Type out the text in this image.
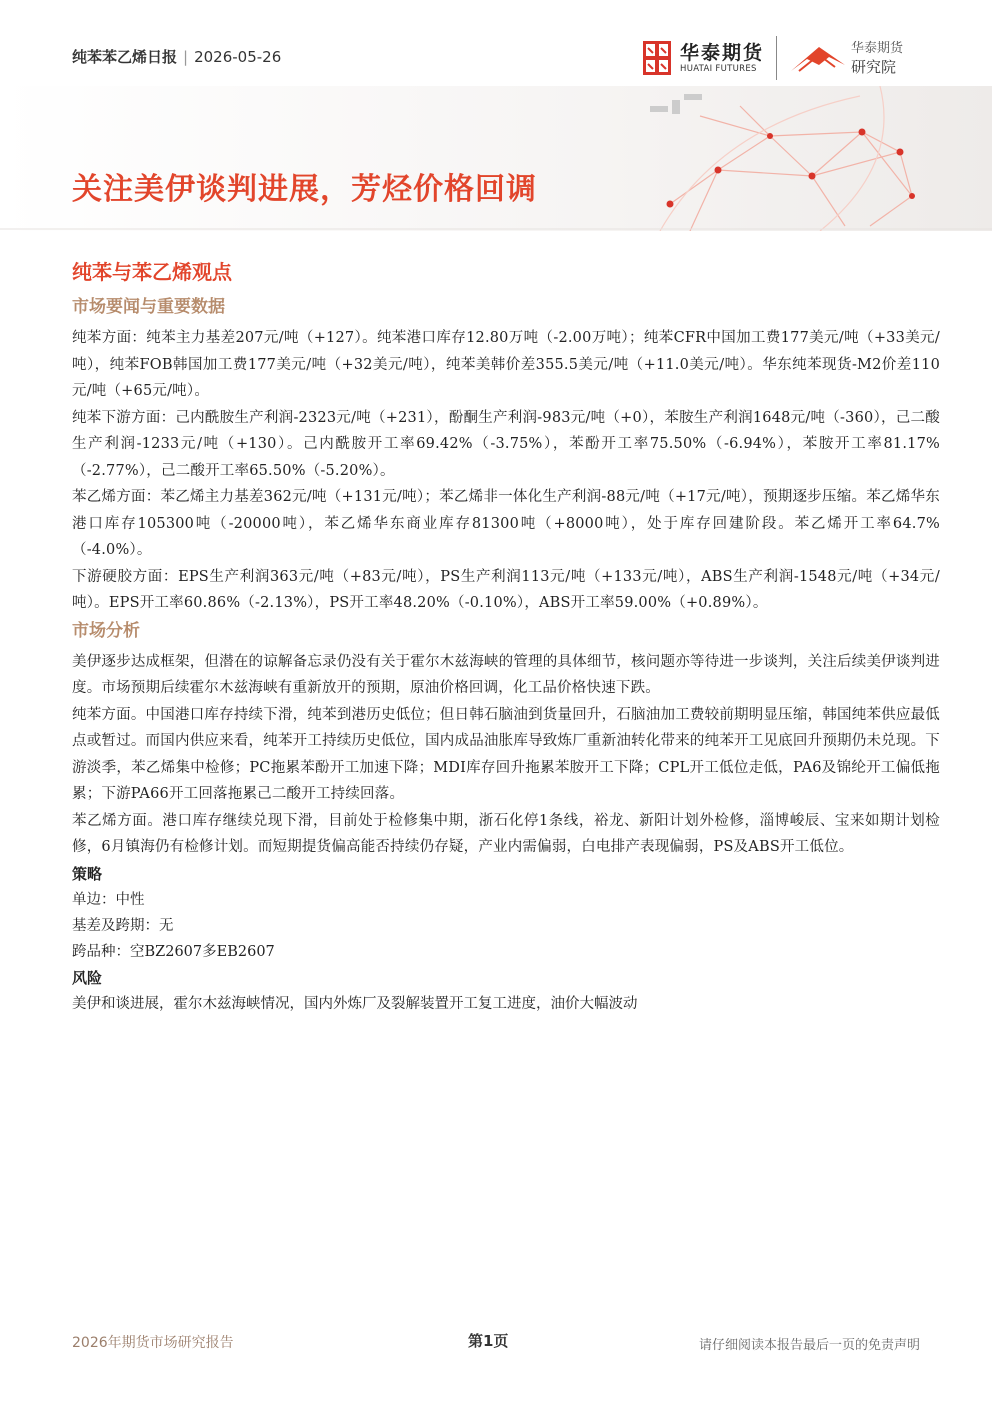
纯苯苯乙烯日报 | 2026-05-26	华泰期货
HUATAI FUTURES
华泰期货
研究院
关注美伊谈判进展，芳烃价格回调
纯苯与苯乙烯观点
市场要闻与重要数据

纯苯方面：纯苯主力基差207元/吨（+127）。纯苯港口库存12.80万吨（-2.00万吨）；纯苯CFR中国加工费177美元/吨（+33美元/吨），纯苯FOB韩国加工费177美元/吨（+32美元/吨），纯苯美韩价差355.5美元/吨（+11.0美元/吨）。华东纯苯现货-M2价差110元/吨（+65元/吨）。

纯苯下游方面：己内酰胺生产利润-2323元/吨（+231），酚酮生产利润-983元/吨（+0），苯胺生产利润1648元/吨（-360），己二酸生产利润-1233元/吨（+130）。己内酰胺开工率69.42%（-3.75%），苯酚开工率75.50%（-6.94%），苯胺开工率81.17%（-2.77%），己二酸开工率65.50%（-5.20%）。

苯乙烯方面：苯乙烯主力基差362元/吨（+131元/吨）；苯乙烯非一体化生产利润-88元/吨（+17元/吨），预期逐步压缩。苯乙烯华东港口库存105300吨（-20000吨），苯乙烯华东商业库存81300吨（+8000吨），处于库存回建阶段。苯乙烯开工率64.7%（-4.0%）。

下游硬胶方面：EPS生产利润363元/吨（+83元/吨），PS生产利润113元/吨（+133元/吨），ABS生产利润-1548元/吨（+34元/吨）。EPS开工率60.86%（-2.13%），PS开工率48.20%（-0.10%），ABS开工率59.00%（+0.89%）。

市场分析

美伊逐步达成框架，但潜在的谅解备忘录仍没有关于霍尔木兹海峡的管理的具体细节，核问题亦等待进一步谈判，关注后续美伊谈判进度。市场预期后续霍尔木兹海峡有重新放开的预期，原油价格回调，化工品价格快速下跌。

纯苯方面。中国港口库存持续下滑，纯苯到港历史低位；但日韩石脑油到货量回升，石脑油加工费较前期明显压缩，韩国纯苯供应最低点或暂过。而国内供应来看，纯苯开工持续历史低位，国内成品油胀库导致炼厂重新油转化带来的纯苯开工见底回升预期仍未兑现。下游淡季，苯乙烯集中检修；PC拖累苯酚开工加速下降；MDI库存回升拖累苯胺开工下降；CPL开工低位走低，PA6及锦纶开工偏低拖累；下游PA66开工回落拖累己二酸开工持续回落。

苯乙烯方面。港口库存继续兑现下滑，目前处于检修集中期，浙石化停1条线，裕龙、新阳计划外检修，淄博峻辰、宝来如期计划检修，6月镇海仍有检修计划。而短期提货偏高能否持续仍存疑，产业内需偏弱，白电排产表现偏弱，PS及ABS开工低位。

策略

单边：中性

基差及跨期：无

跨品种：空BZ2607多EB2607

风险

美伊和谈进展，霍尔木兹海峡情况，国内外炼厂及裂解装置开工复工进度，油价大幅波动

2026年期货市场研究报告	第1页	请仔细阅读本报告最后一页的免责声明
